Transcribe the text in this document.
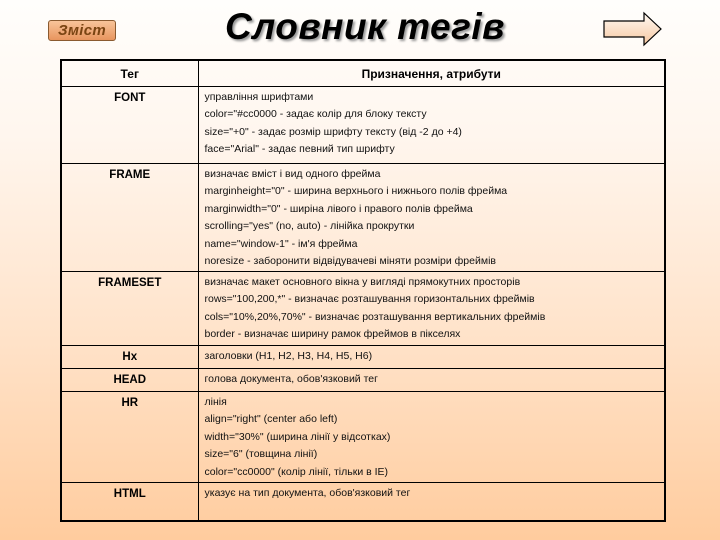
Зміст	Словник тегів
Тег	Призначення, атрибути
FONT	управління шрифтами
color="#cc0000 - задає колір для блоку тексту
size="+0" - задає розмір шрифту тексту (від -2 до +4)
face="Arial" - задає певний тип шрифту

FRAME	визначає вміст і вид одного фрейма
marginheight="0" - ширина верхнього і нижнього полів фрейма
marginwidth="0" - ширіна лівого і правого полів фрейма
scrolling="yes" (no, auto) - лінійка прокрутки
name="window-1" - ім'я фрейма
noresize - заборонити відвідувачеві міняти розміри фреймів

FRAMESET	визначає макет основного вікна у вигляді прямокутних просторів
rows="100,200,*" - визначає розташування горизонтальних фреймів
cols="10%,20%,70%" - визначає розташування вертикальних фреймів
border - визначає ширину рамок фреймов в пікселях

Hx	заголовки (H1, H2, H3, H4, H5, H6)

HEAD	голова документа, обов'язковий тег

HR	лінія
align="right" (center або left)
width="30%" (ширина лінії у відсотках)
size="6" (товщина лінії)
color="cc0000" (колір лінії, тільки в IE)

HTML	указує на тип документа, обов'язковий тег
